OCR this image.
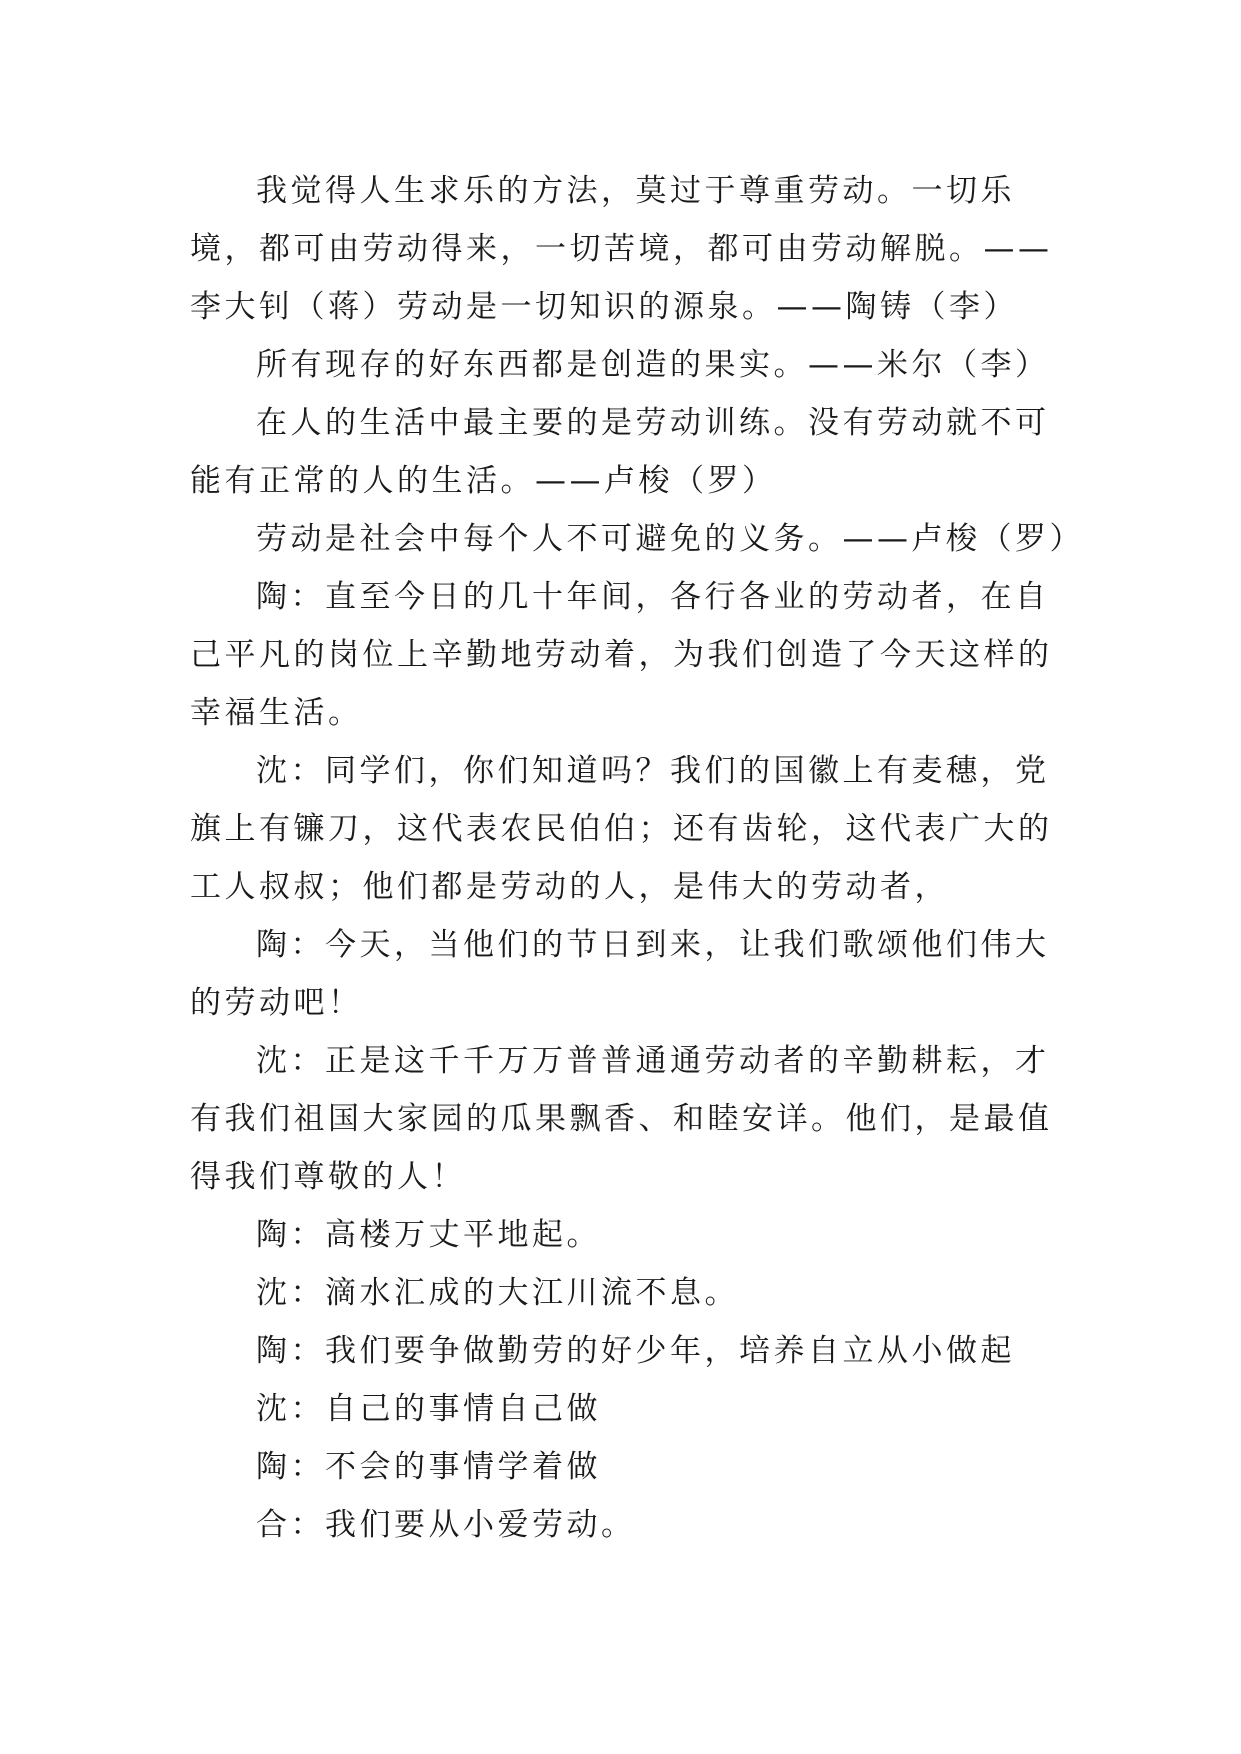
我觉得人生求乐的方法，莫过于尊重劳动。一切乐境，都可由劳动得来，一切苦境，都可由劳动解脱。——李大钊（蒋）劳动是一切知识的源泉。——陶铸（李）

所有现存的好东西都是创造的果实。——米尔（李）

在人的生活中最主要的是劳动训练。没有劳动就不可能有正常的人的生活。——卢梭（罗）

劳动是社会中每个人不可避免的义务。——卢梭（罗）

陶：直至今日的几十年间，各行各业的劳动者，在自己平凡的岗位上辛勤地劳动着，为我们创造了今天这样的幸福生活。

沈：同学们，你们知道吗？我们的国徽上有麦穗，党旗上有镰刀，这代表农民伯伯；还有齿轮，这代表广大的工人叔叔；他们都是劳动的人，是伟大的劳动者，

陶：今天，当他们的节日到来，让我们歌颂他们伟大的劳动吧！

沈：正是这千千万万普普通通劳动者的辛勤耕耘，才有我们祖国大家园的瓜果飘香、和睦安详。他们，是最值得我们尊敬的人！

陶：高楼万丈平地起。

沈：滴水汇成的大江川流不息。

陶：我们要争做勤劳的好少年，培养自立从小做起

沈：自己的事情自己做

陶：不会的事情学着做

合：我们要从小爱劳动。
